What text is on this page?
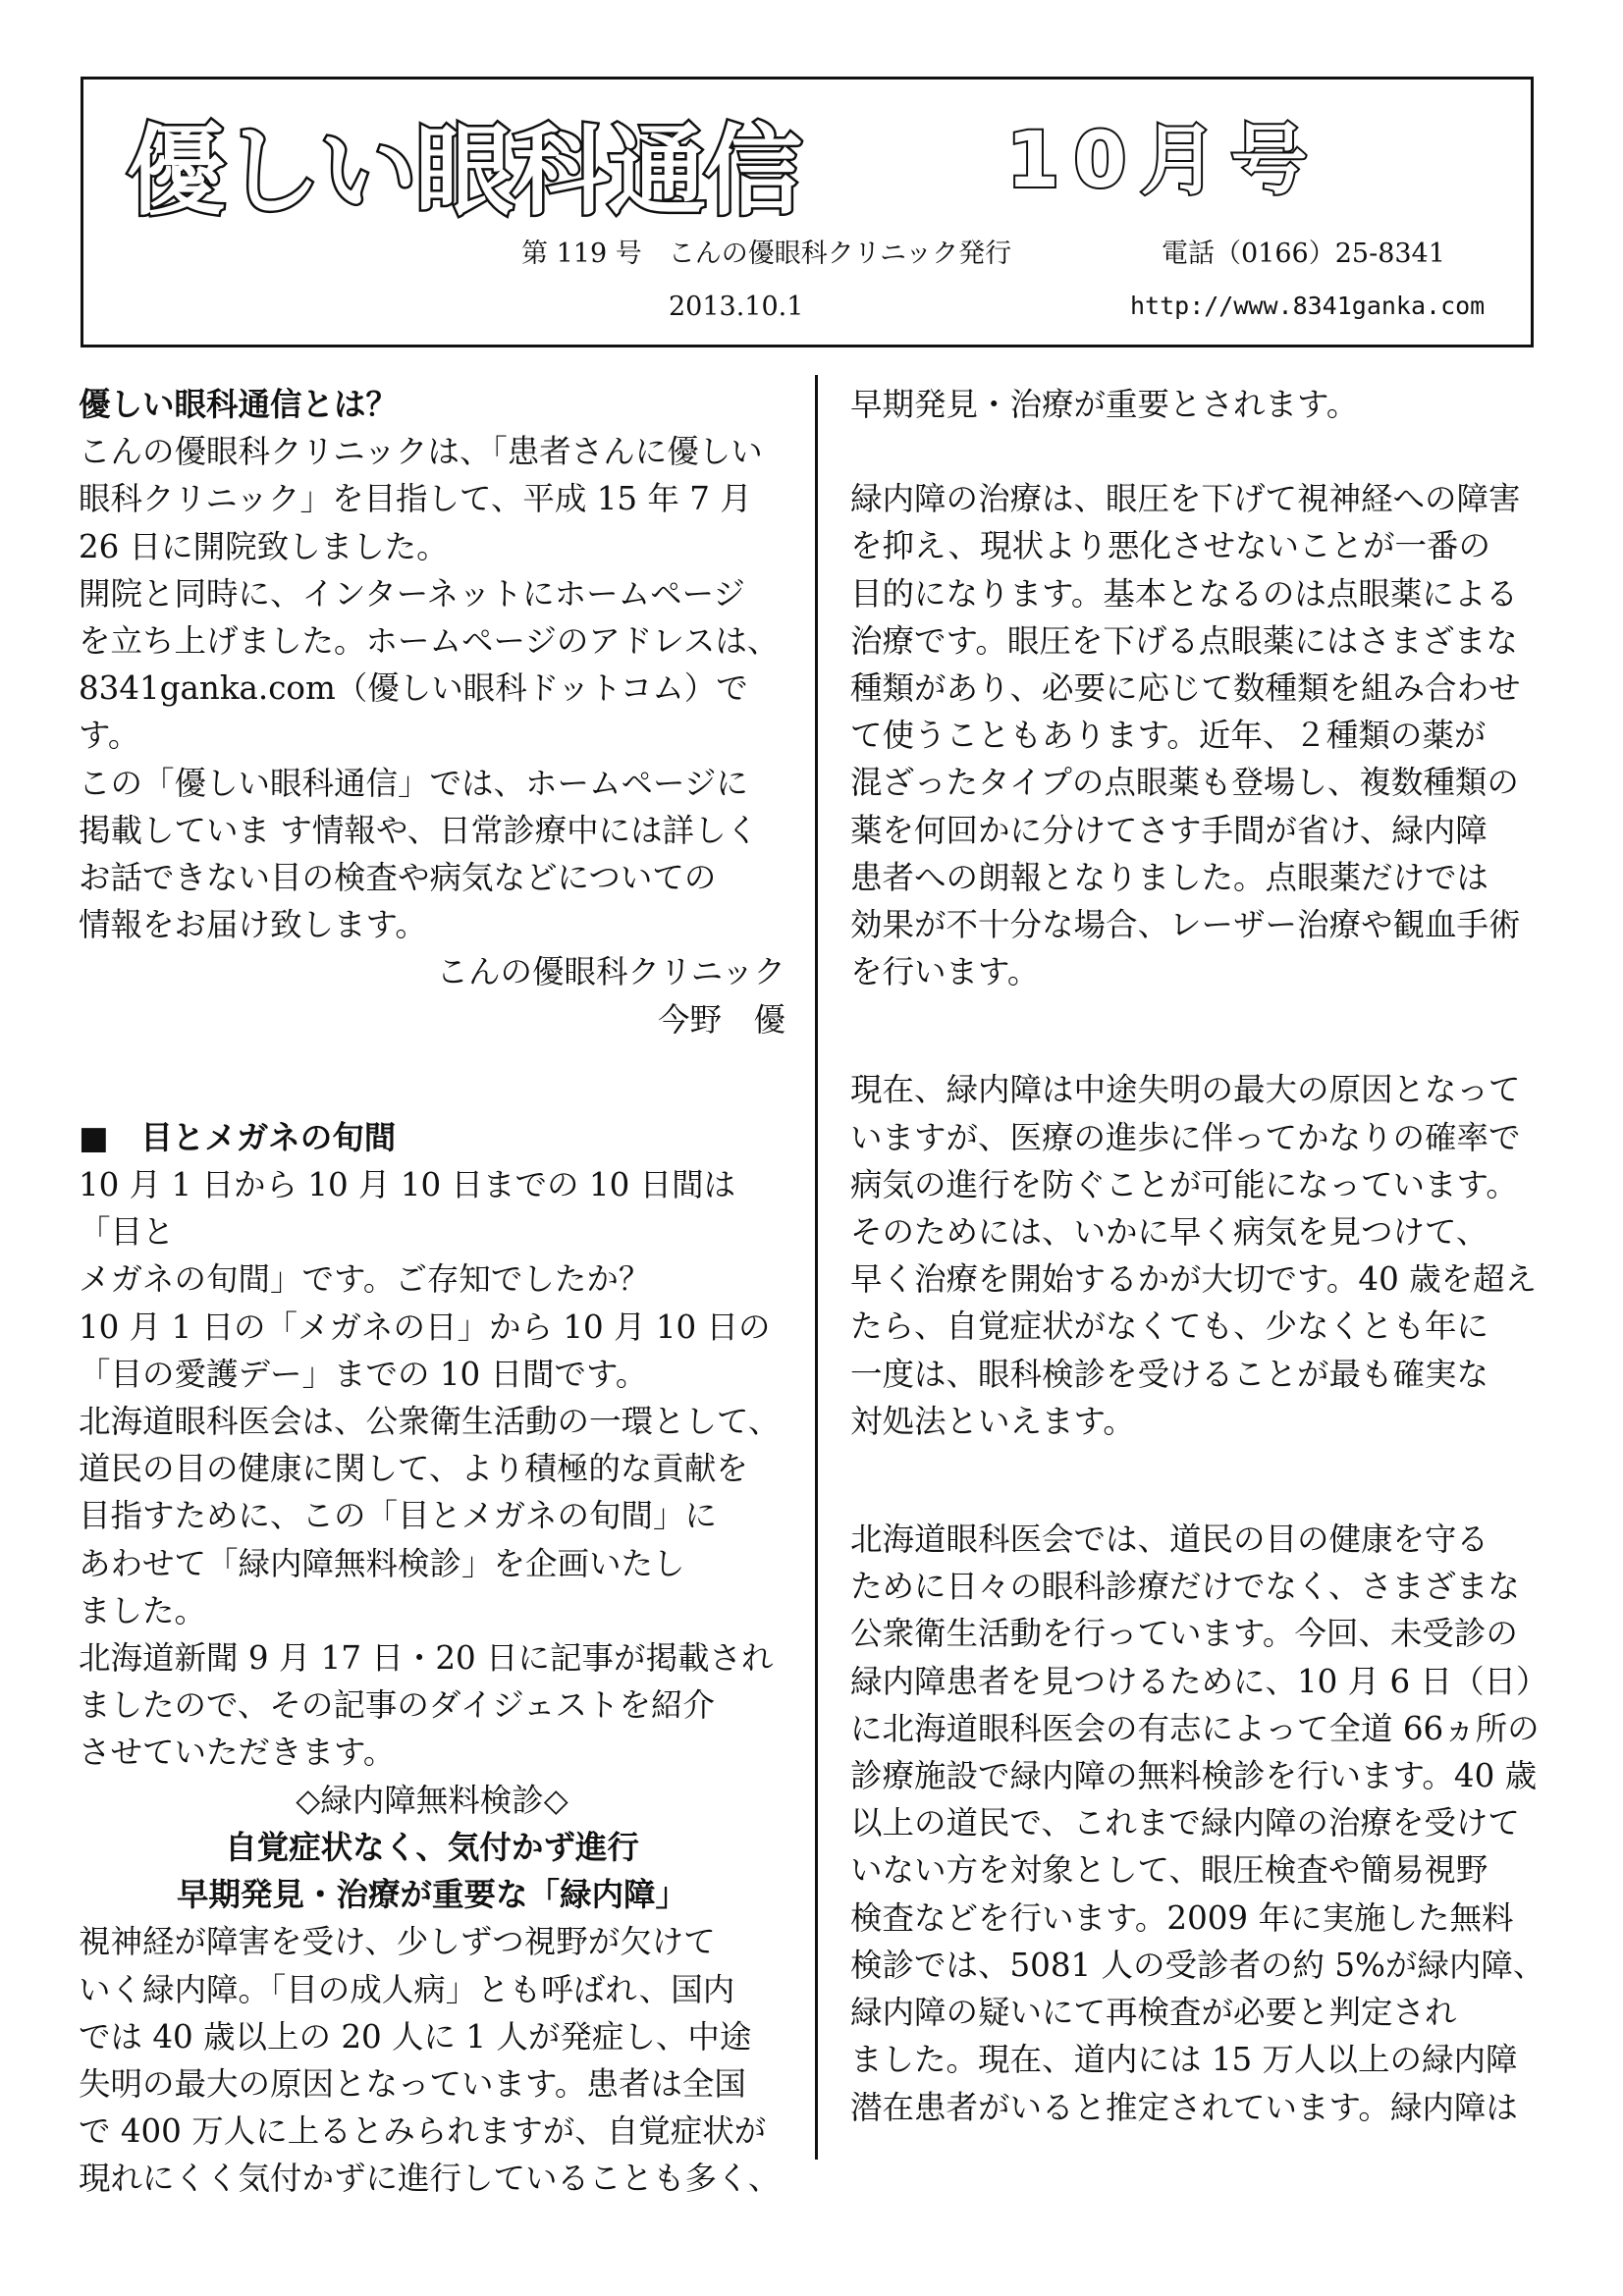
優しい眼科通信	10月号
第 119 号　こんの優眼科クリニック発行	電話（0166）25-8341
2013.10.1	http://www.8341ganka.com

優しい眼科通信とは？

こんの優眼科クリニックは、「患者さんに優しい

眼科クリニック」を目指して、平成 15 年 7 月

26 日に開院致しました。

開院と同時に、インターネットにホームページ

を立ち上げました。ホームページのアドレスは、

8341ganka.com（優しい眼科ドットコム）です。

この「優しい眼科通信」では、ホームページに

掲載していま す情報や、日常診療中には詳しく

お話できない目の検査や病気などについての

情報をお届け致します。

こんの優眼科クリニック

今野　優

■　目とメガネの旬間

10 月 1 日から 10 月 10 日までの 10 日間は「目と

メガネの旬間」です。ご存知でしたか？

10 月 1 日の「メガネの日」から 10 月 10 日の

「目の愛護デー」までの 10 日間です。

北海道眼科医会は、公衆衛生活動の一環として、

道民の目の健康に関して、より積極的な貢献を

目指すために、この「目とメガネの旬間」に

あわせて「緑内障無料検診」を企画いたし

ました。

北海道新聞 9 月 17 日・20 日に記事が掲載され

ましたので、その記事のダイジェストを紹介

させていただきます。

◇緑内障無料検診◇

自覚症状なく、気付かず進行

早期発見・治療が重要な「緑内障」

視神経が障害を受け、少しずつ視野が欠けて

いく緑内障。「目の成人病」とも呼ばれ、国内

では 40 歳以上の 20 人に 1 人が発症し、中途

失明の最大の原因となっています。患者は全国

で 400 万人に上るとみられますが、自覚症状が

現れにくく気付かずに進行していることも多く、

早期発見・治療が重要とされます。

緑内障の治療は、眼圧を下げて視神経への障害

を抑え、現状より悪化させないことが一番の

目的になります。基本となるのは点眼薬による

治療です。眼圧を下げる点眼薬にはさまざまな

種類があり、必要に応じて数種類を組み合わせ

て使うこともあります。近年、２種類の薬が

混ざったタイプの点眼薬も登場し、複数種類の

薬を何回かに分けてさす手間が省け、緑内障

患者への朗報となりました。点眼薬だけでは

効果が不十分な場合、レーザー治療や観血手術

を行います。

現在、緑内障は中途失明の最大の原因となって

いますが、医療の進歩に伴ってかなりの確率で

病気の進行を防ぐことが可能になっています。

そのためには、いかに早く病気を見つけて、

早く治療を開始するかが大切です。40 歳を超え

たら、自覚症状がなくても、少なくとも年に

一度は、眼科検診を受けることが最も確実な

対処法といえます。

北海道眼科医会では、道民の目の健康を守る

ために日々の眼科診療だけでなく、さまざまな

公衆衛生活動を行っています。今回、未受診の

緑内障患者を見つけるために、10 月 6 日（日）

に北海道眼科医会の有志によって全道 66ヵ所の

診療施設で緑内障の無料検診を行います。40 歳

以上の道民で、これまで緑内障の治療を受けて

いない方を対象として、眼圧検査や簡易視野

検査などを行います。2009 年に実施した無料

検診では、5081 人の受診者の約 5%が緑内障、

緑内障の疑いにて再検査が必要と判定され

ました。現在、道内には 15 万人以上の緑内障

潜在患者がいると推定されています。緑内障は
